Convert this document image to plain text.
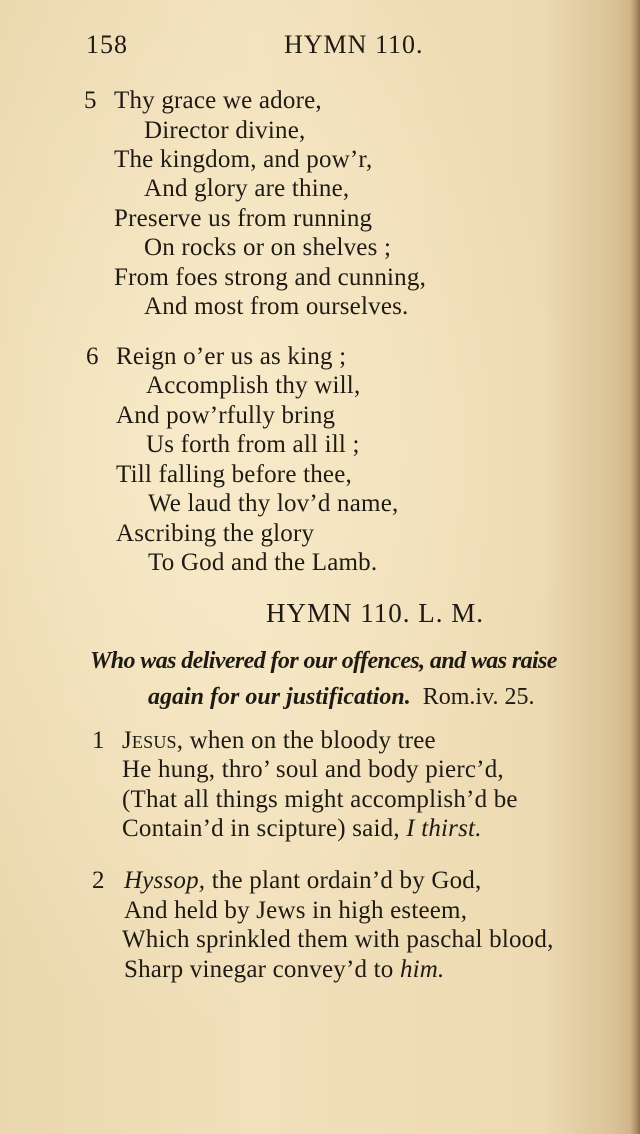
158	HYMN 110.
5 Thy grace we adore,
Director divine,
The kingdom, and pow’r,
And glory are thine,
Preserve us from running
On rocks or on shelves ;
From foes strong and cunning,
And most from ourselves.
6 Reign o’er us as king ;
Accomplish thy will,
And pow’rfully bring
Us forth from all ill ;
Till falling before thee,
We laud thy lov’d name,
Ascribing the glory
To God and the Lamb.
HYMN 110. L. M.
Who was delivered for our offences, and was raise
again for our justification. Rom.iv. 25.
1 Jesus, when on the bloody tree
He hung, thro’ soul and body pierc’d,
(That all things might accomplish’d be
Contain’d in scipture) said, I thirst.
2 Hyssop, the plant ordain’d by God,
And held by Jews in high esteem,
Which sprinkled them with paschal blood,
Sharp vinegar convey’d to him.
